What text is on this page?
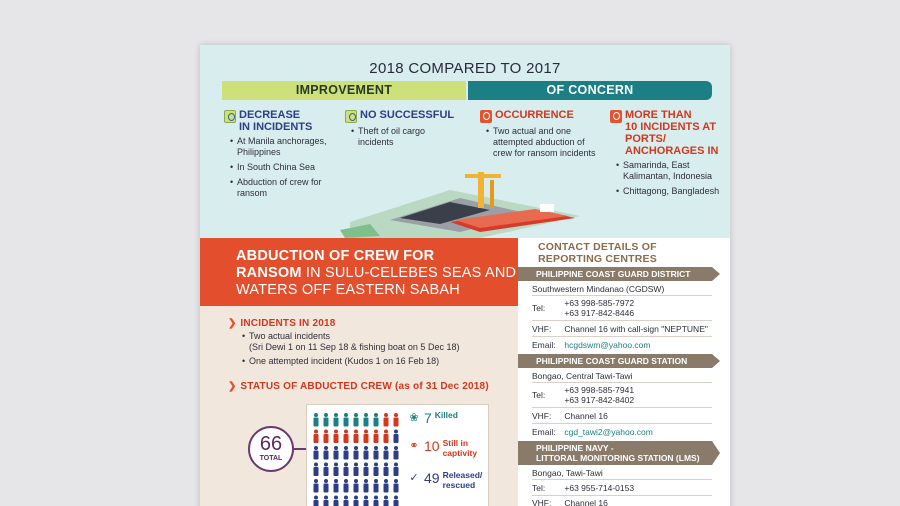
2018 COMPARED TO 2017
IMPROVEMENT	OF CONCERN
DECREASE
IN INCIDENTS
• At Manila anchorages, Philippines
• In South China Sea
• Abduction of crew for ransom
NO SUCCESSFUL
• Theft of oil cargo incidents
OCCURRENCE
• Two actual and one attempted abduction of crew for ransom incidents
MORE THAN
10 INCIDENTS AT PORTS/ ANCHORAGES IN
• Samarinda, East Kalimantan, Indonesia
• Chittagong, Bangladesh
ABDUCTION OF CREW FOR
RANSOM IN SULU-CELEBES SEAS AND
WATERS OFF EASTERN SABAH
❯ INCIDENTS IN 2018
• Two actual incidents
(Sri Dewi 1 on 11 Sep 18 & fishing boat on 5 Dec 18)
• One attempted incident (Kudos 1 on 16 Feb 18)
❯ STATUS OF ABDUCTED CREW (as of 31 Dec 2018)
66
TOTAL
❀ 7 Killed
⚭ 10 Still in
captivity
✓ 49 Released/
rescued
CONTACT DETAILS OF
REPORTING CENTRES
PHILIPPINE COAST GUARD DISTRICT
Southwestern Mindanao (CGDSW)
Tel: +63 998-585-7972
+63 917-842-8446
VHF: Channel 16 with call-sign "NEPTUNE"
Email: hcgdswm@yahoo.com
PHILIPPINE COAST GUARD STATION
Bongao, Central Tawi-Tawi
Tel: +63 998-585-7941
+63 917-842-8402
VHF: Channel 16
Email: cgd_tawi2@yahoo.com
PHILIPPINE NAVY -
LITTORAL MONITORING STATION (LMS)
Bongao, Tawi-Tawi
Tel: +63 955-714-0153
VHF: Channel 16
